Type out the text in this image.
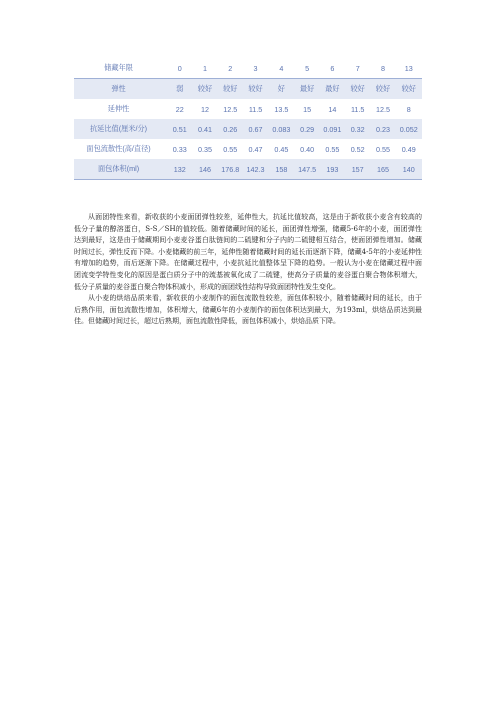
储藏年限	0	1	2	3	4	5	6	7	8	13

弹性	弱	较好	较好	较好	好	最好	最好	较好	较好	较好

延伸性	22	12	12.5	11.5	13.5	15	14	11.5	12.5	8

抗延比值(厘米/分)	0.51	0.41	0.26	0.67	0.083	0.29	0.091	0.32	0.23	0.052

面包流散性(高/直径)	0.33	0.35	0.55	0.47	0.45	0.40	0.55	0.52	0.55	0.49

面包体积(ml)	132	146	176.8	142.3	158	147.5	193	157	165	140

从面团特性来看，新收获的小麦面团弹性较差，延伸性大，抗延比值较高，这是由于新收获小麦含有较高的低分子量的醇溶蛋白，S-S／SH的值较低。随着储藏时间的延长，面团弹性增强，储藏5-6年的小麦，面团弹性达到最好，这是由于储藏期间小麦麦谷蛋白肽链间的二硫键和分子内的二硫键相互结合，使面团弹性增加。储藏时间过长，弹性反而下降。小麦储藏的前三年，延伸性随着储藏时间的延长而逐渐下降，储藏4-5年的小麦延伸性有增加的趋势，而后逐渐下降。在储藏过程中，小麦抗延比值整体呈下降的趋势。一般认为小麦在储藏过程中面团流变学特性变化的原因是蛋白质分子中的巯基被氧化成了二硫键，使高分子质量的麦谷蛋白聚合物体积增大，低分子质量的麦谷蛋白聚合物体积减小，形成的面团线性结构导致面团特性发生变化。

从小麦的烘焙品质来看，新收获的小麦制作的面包流散性较差，面包体积较小，随着储藏时间的延长，由于后熟作用，面包流散性增加，体积增大，储藏6年的小麦制作的面包体积达到最大，为193ml，烘焙品质达到最佳。但储藏时间过长，超过后熟期，面包流散性降低，面包体积减小，烘焙品质下降。
